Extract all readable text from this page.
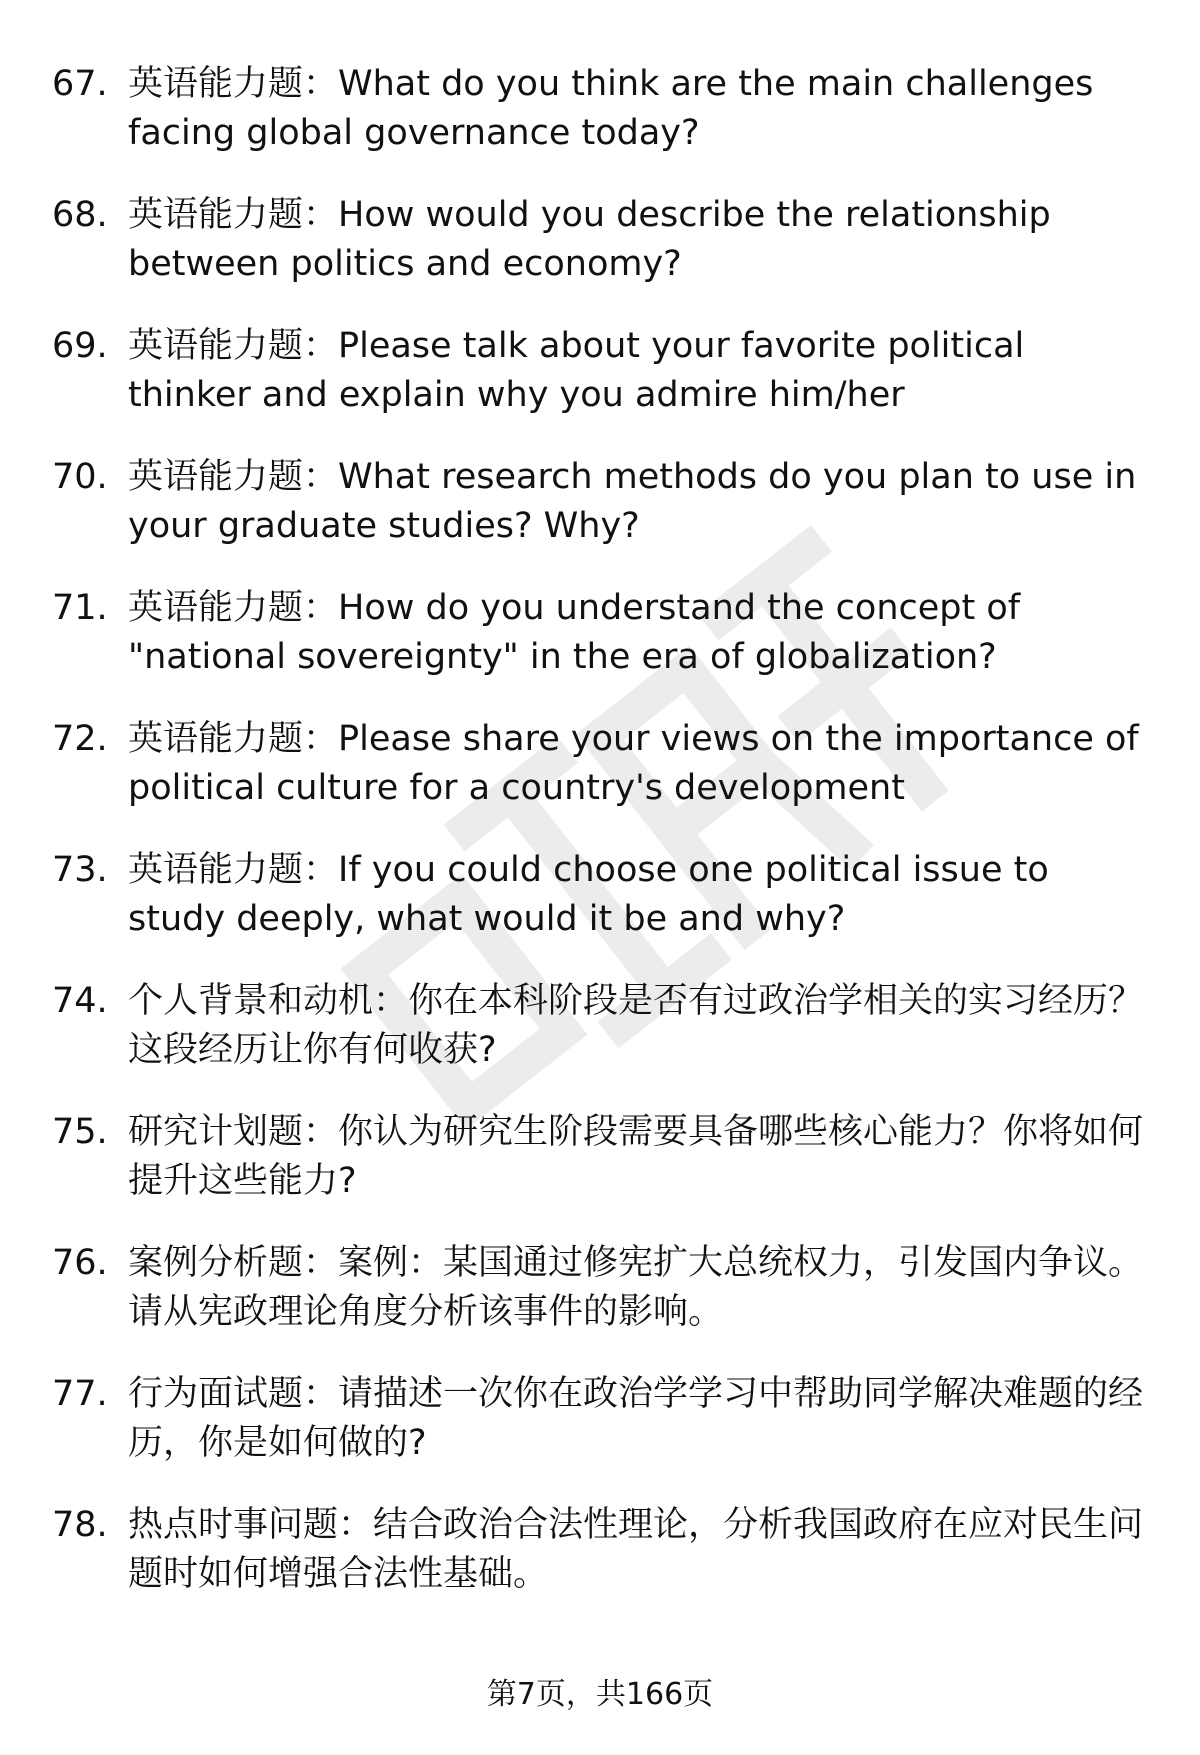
67. 英语能力题：What do you think are the main challenges facing global governance today?
68. 英语能力题：How would you describe the relationship between politics and economy?
69. 英语能力题：Please talk about your favorite political thinker and explain why you admire him/her
70. 英语能力题：What research methods do you plan to use in your graduate studies? Why?
71. 英语能力题：How do you understand the concept of "national sovereignty" in the era of globalization?
72. 英语能力题：Please share your views on the importance of political culture for a country's development
73. 英语能力题：If you could choose one political issue to study deeply, what would it be and why?
74. 个人背景和动机：你在本科阶段是否有过政治学相关的实习经历？这段经历让你有何收获?
75. 研究计划题：你认为研究生阶段需要具备哪些核心能力？你将如何提升这些能力?
76. 案例分析题：案例：某国通过修宪扩大总统权力，引发国内争议。请从宪政理论角度分析该事件的影响。
77. 行为面试题：请描述一次你在政治学学习中帮助同学解决难题的经历，你是如何做的?
78. 热点时事问题：结合政治合法性理论，分析我国政府在应对民生问题时如何增强合法性基础。
第7页，共166页
